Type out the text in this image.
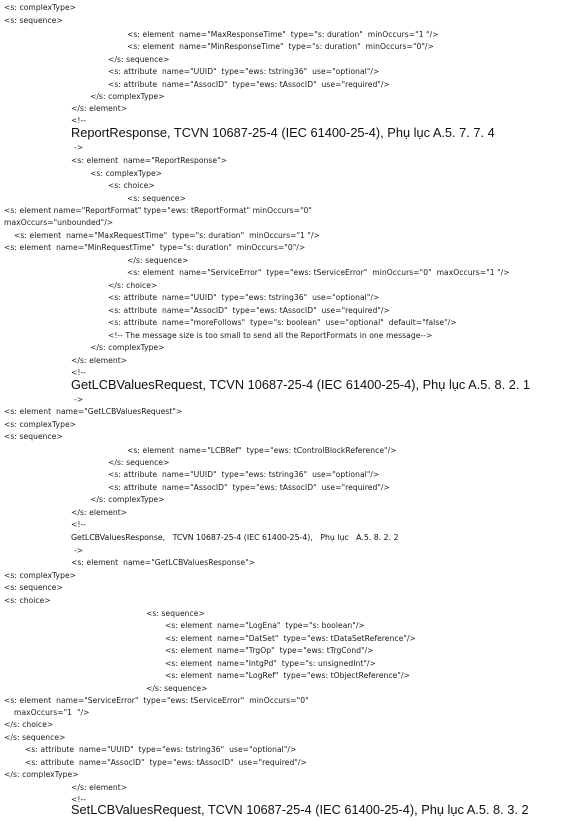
<s: complexType>
<s: sequence>
<s: element  name="MaxResponseTime"  type="s: duration"  minOccurs="1 "/>
<s: element  name="MinResponseTime"  type="s: duration"  minOccurs="0"/>
</s: sequence>
<s: attribute  name="UUID"  type="ews: tstring36"  use="optional"/>
<s: attribute  name="AssocID"  type="ews: tAssocID"  use="required"/>
</s: complexType>
</s: element>
<!--
ReportResponse, TCVN 10687-25-4 (IEC 61400-25-4), Phụ lục A.5. 7. 7. 4
->
<s: element  name="ReportResponse">
<s: complexType>
<s: choice>
<s: sequence>
<s: element name="ReportFormat" type="ews: tReportFormat" minOccurs="0"
maxOccurs="unbounded"/>
<s: element  name="MaxRequestTime"  type="s: duration"  minOccurs="1 "/>
<s: element  name="MinRequestTime"  type="s: duration"  minOccurs="0"/>
</s: sequence>
<s: element  name="ServiceError"  type="ews: tServiceError"  minOccurs="0"  maxOccurs="1 "/>
</s: choice>
<s: attribute  name="UUID"  type="ews: tstring36"  use="optional"/>
<s: attribute  name="AssocID"  type="ews: tAssocID"  use="required"/>
<s: attribute  name="moreFollows"  type="s: boolean"  use="optional"  default="false"/>
<!-- The message size is too small to send all the ReportFormats in one message-->
</s: complexType>
</s: element>
<!--
GetLCBValuesRequest, TCVN 10687-25-4 (IEC 61400-25-4), Phụ lục A.5. 8. 2. 1
->
<s: element  name="GetLCBValuesRequest">
<s: complexType>
<s: sequence>
<s: element  name="LCBRef"  type="ews: tControlBlockReference"/>
</s: sequence>
<s: attribute  name="UUID"  type="ews: tstring36"  use="optional"/>
<s: attribute  name="AssocID"  type="ews: tAssocID"  use="required"/>
</s: complexType>
</s: element>
<!--
GetLCBValuesResponse,   TCVN 10687-25-4 (IEC 61400-25-4),   Phụ lục   A.5. 8. 2. 2
->
<s: element  name="GetLCBValuesResponse">
<s: complexType>
<s: sequence>
<s: choice>
<s: sequence>
<s: element  name="LogEna"  type="s: boolean"/>
<s: element  name="DatSet"  type="ews: tDataSetReference"/>
<s: element  name="TrgOp"  type="ews: tTrgCond"/>
<s: element  name="IntgPd"  type="s: unsignedInt"/>
<s: element  name="LogRef"  type="ews: tObjectReference"/>
</s: sequence>
<s: element  name="ServiceError"  type="ews: tServiceError"  minOccurs="0"
maxOccurs="1  "/>
</s: choice>
</s: sequence>
<s: attribute  name="UUID"  type="ews: tstring36"  use="optional"/>
<s: attribute  name="AssocID"  type="ews: tAssocID"  use="required"/>
</s: complexType>
</s: element>
<!--
SetLCBValuesRequest, TCVN 10687-25-4 (IEC 61400-25-4), Phụ lục A.5. 8. 3. 2
